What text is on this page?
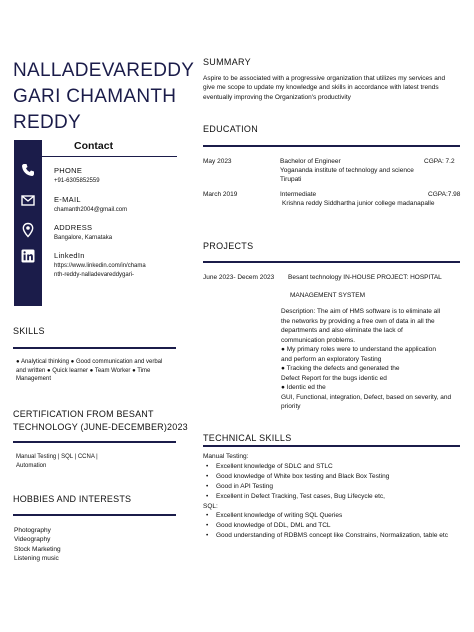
NALLADEVAREDDY
GARI CHAMANTH
REDDY
Contact
PHONE
+91-6305852559
E-MAIL
chamanth2004@gmail.com
ADDRESS
Bangalore, Karnataka
LinkedIn
https://www.linkedin.com/in/chama
nth-reddy-nalladevareddygari-
SKILLS
● Analytical thinking ● Good communication and verbal
and written ● Quick learner ● Team Worker ● Time
Management
CERTIFICATION FROM BESANT
TECHNOLOGY (JUNE-DECEMBER)2023
Manual Testing | SQL | CCNA |
Automation
HOBBIES AND INTERESTS
Photography
Videography
Stock Marketing
Listening music
SUMMARY
Aspire to be associated with a progressive organization that utilizes my services and
give me scope to update my knowledge and skills in accordance with latest trends
eventually improving the Organization's productivity
EDUCATION
May 2023	Bachelor of Engineer	CGPA: 7.2
Yogananda institute of technology and science
Tirupati
March 2019	Intermediate	CGPA:7.98
Krishna reddy Siddhartha junior college madanapalle
PROJECTS
June 2023- Decem 2023 Besant technology IN-HOUSE PROJECT: HOSPITAL
MANAGEMENT SYSTEM
Description: The aim of HMS software is to eliminate all
the networks by providing a free own of data in all the
departments and also eliminate the lack of
communication problems.
● My primary roles were to understand the application
and perform an exploratory Testing
● Tracking the defects and generated the
Defect Report for the bugs identic ed
● Identic ed the
GUI, Functional, integration, Defect, based on severity, and
priority
TECHNICAL SKILLS
Manual Testing:
• Excellent knowledge of SDLC and STLC
• Good knowledge of White box testing and Black Box Testing
• Good in API Testing
• Excellent in Defect Tracking, Test cases, Bug Lifecycle etc,
SQL:
• Excellent knowledge of writing SQL Queries
• Good knowledge of DDL, DML and TCL
• Good understanding of RDBMS concept like Constrains, Normalization, table etc
